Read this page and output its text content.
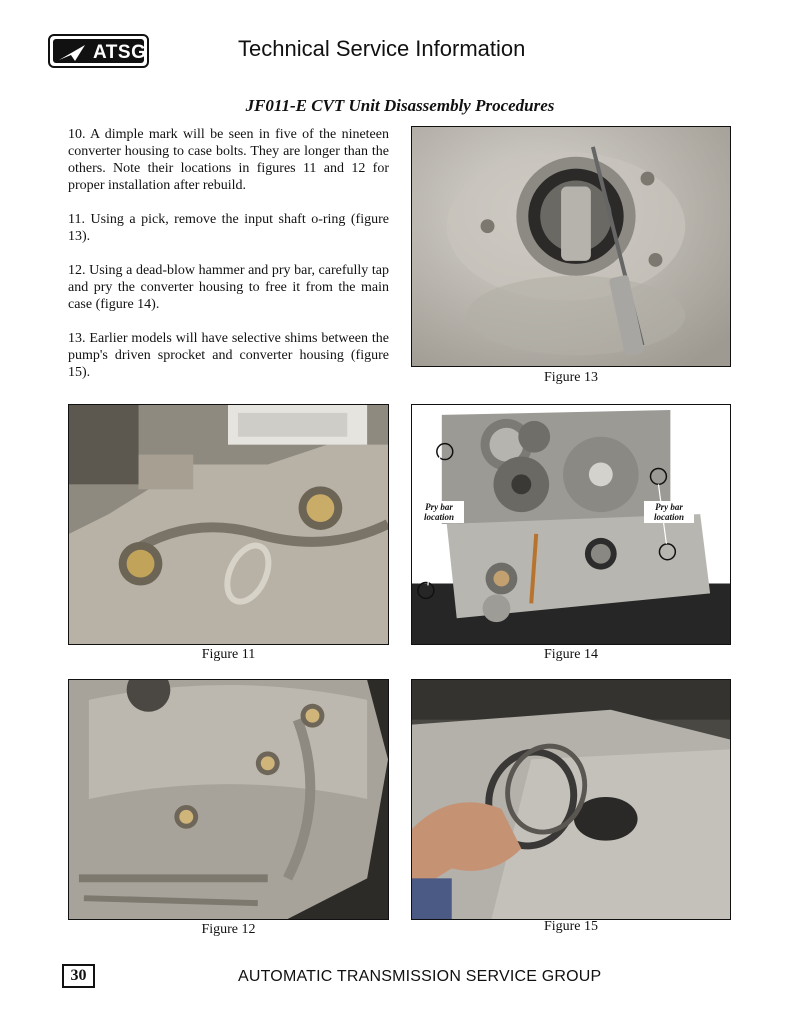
ATSG	Technical Service Information
JF011-E CVT Unit Disassembly Procedures
10. A dimple mark will be seen in five of the nineteen converter housing to case bolts. They are longer than the others. Note their locations in figures 11 and 12 for proper installation after rebuild.
11. Using a pick, remove the input shaft o-ring (figure 13).
12. Using a dead-blow hammer and pry bar, carefully tap and pry the converter housing to free it from the main case (figure 14).
13. Earlier models will have selective shims between the pump's driven sprocket and converter housing (figure 15).	Figure 13
Figure 11
Pry bar location
Pry bar location
Figure 14
Figure 12	Figure 15
30	AUTOMATIC TRANSMISSION SERVICE GROUP
